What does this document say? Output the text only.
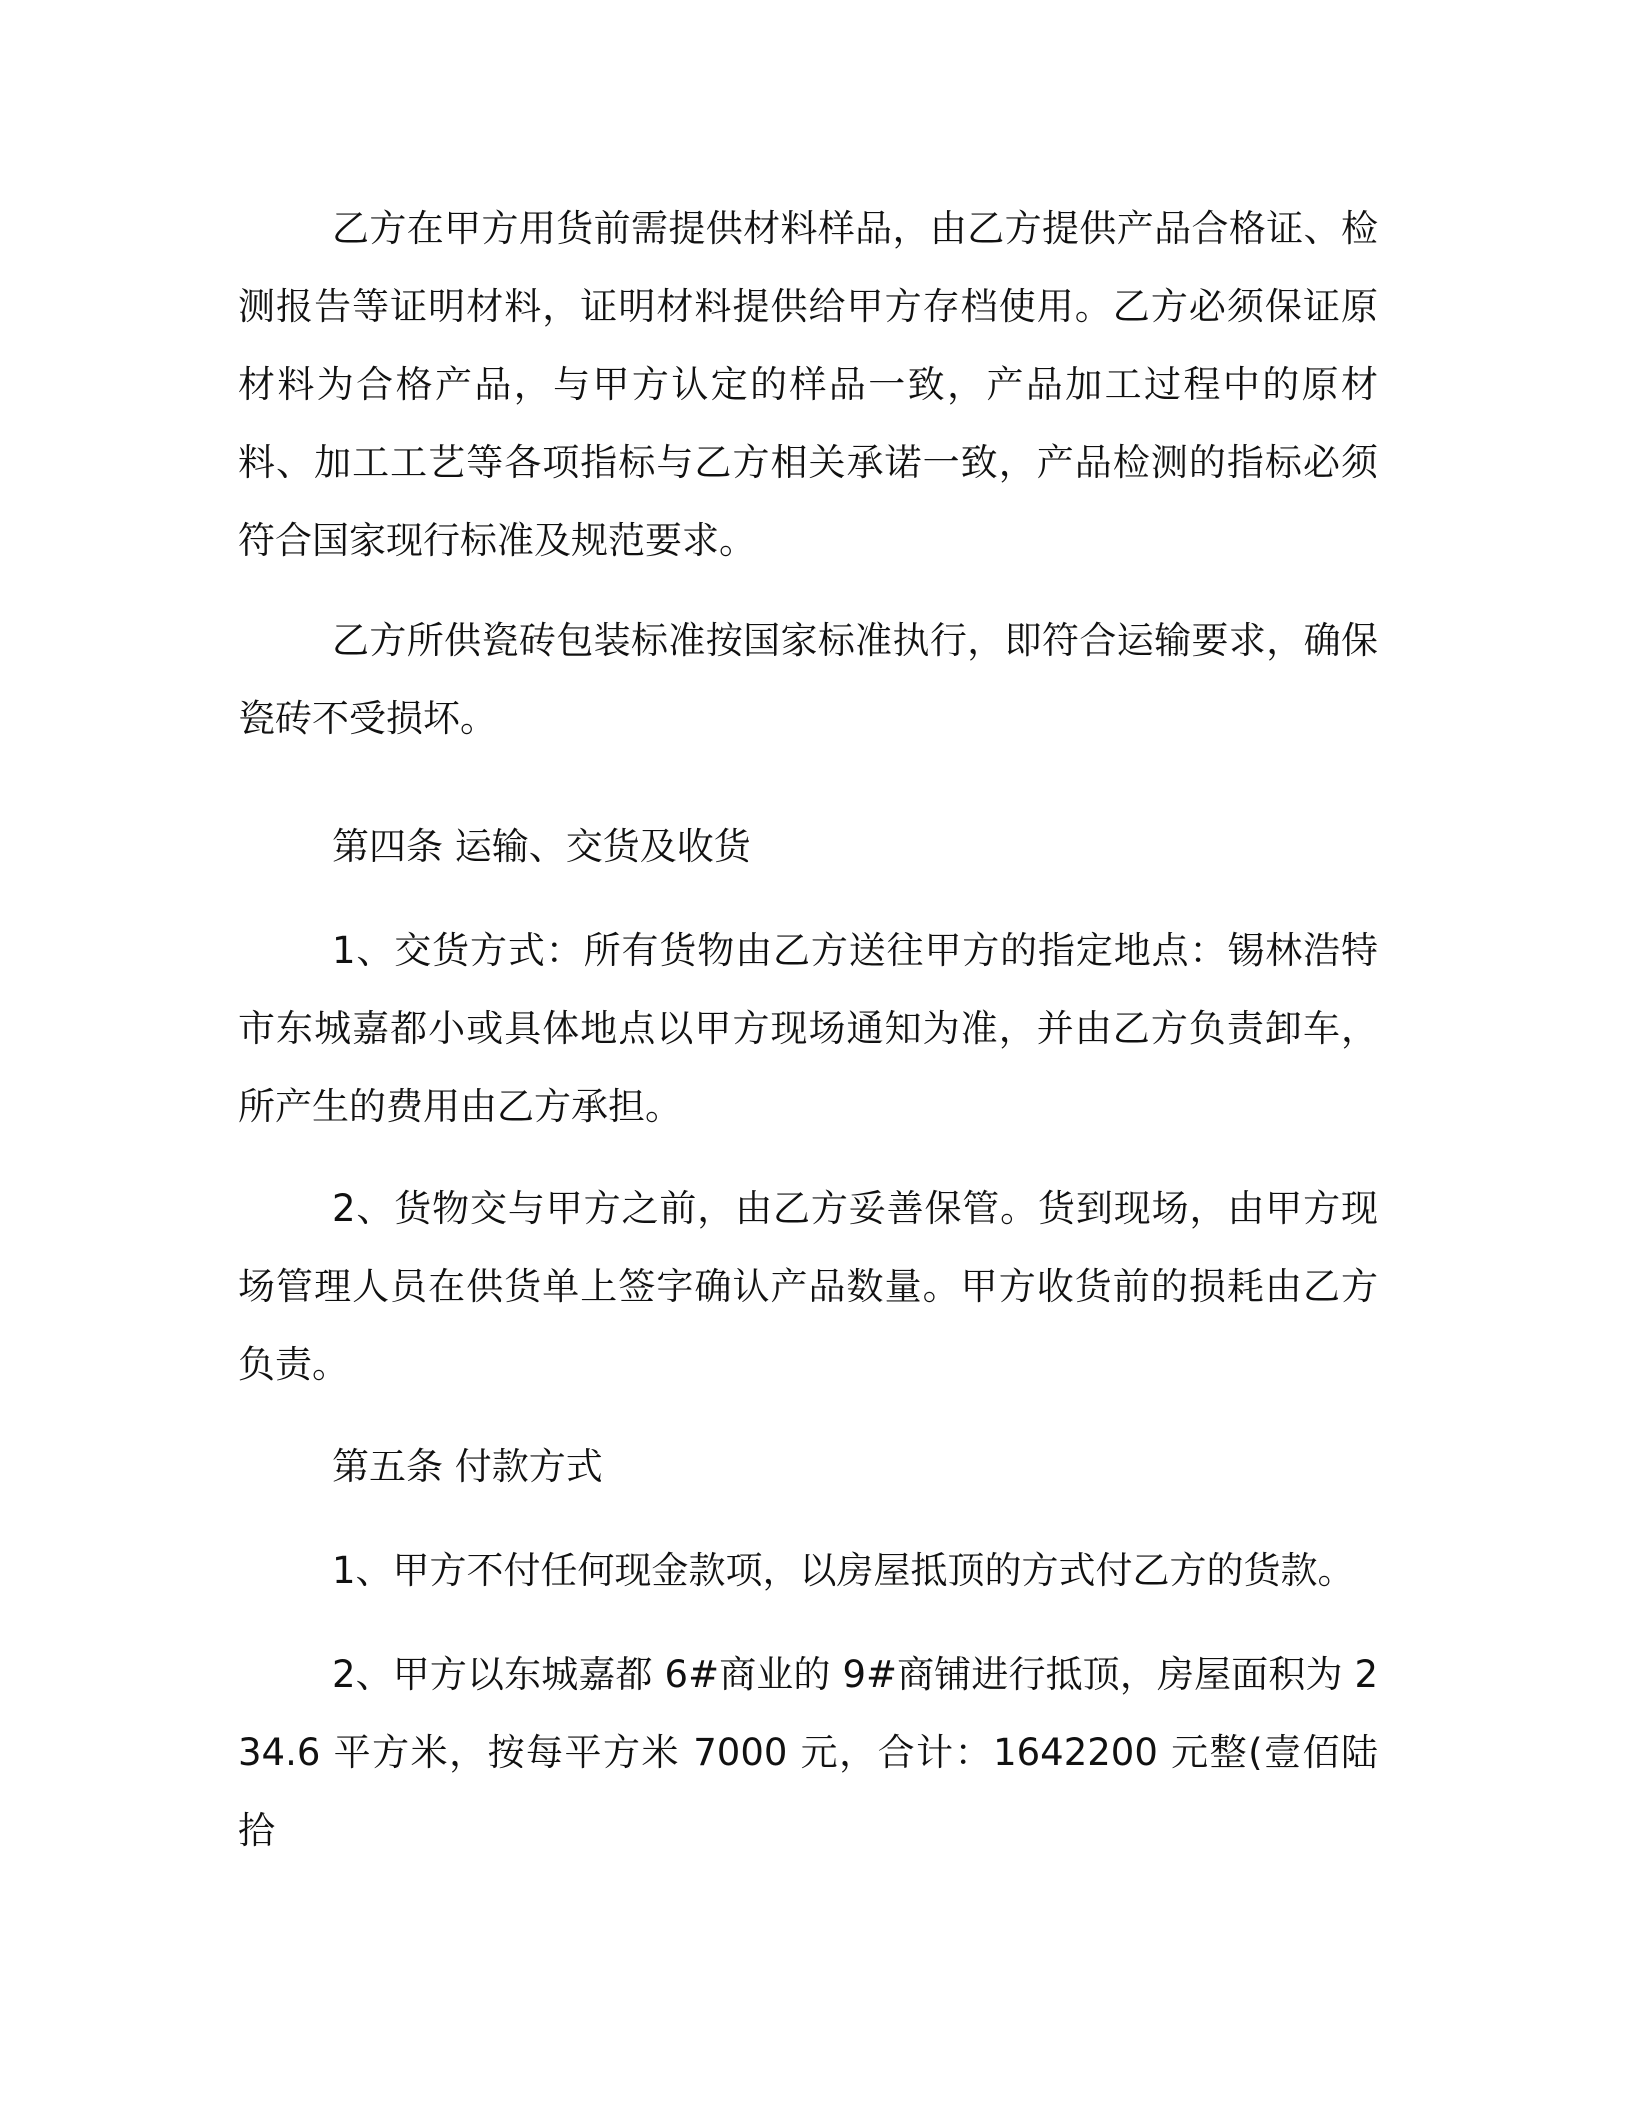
乙方在甲方用货前需提供材料样品，由乙方提供产品合格证、检测报告等证明材料，证明材料提供给甲方存档使用。乙方必须保证原材料为合格产品，与甲方认定的样品一致，产品加工过程中的原材料、加工工艺等各项指标与乙方相关承诺一致，产品检测的指标必须符合国家现行标准及规范要求。

乙方所供瓷砖包装标准按国家标准执行，即符合运输要求，确保瓷砖不受损坏。

第四条 运输、交货及收货

1、交货方式：所有货物由乙方送往甲方的指定地点：锡林浩特市东城嘉都小或具体地点以甲方现场通知为准，并由乙方负责卸车，所产生的费用由乙方承担。

2、货物交与甲方之前，由乙方妥善保管。货到现场，由甲方现场管理人员在供货单上签字确认产品数量。甲方收货前的损耗由乙方负责。

第五条 付款方式

1、甲方不付任何现金款项，以房屋抵顶的方式付乙方的货款。

2、甲方以东城嘉都 6#商业的 9#商铺进行抵顶，房屋面积为 234.6 平方米，按每平方米 7000 元，合计：1642200 元整(壹佰陆拾
